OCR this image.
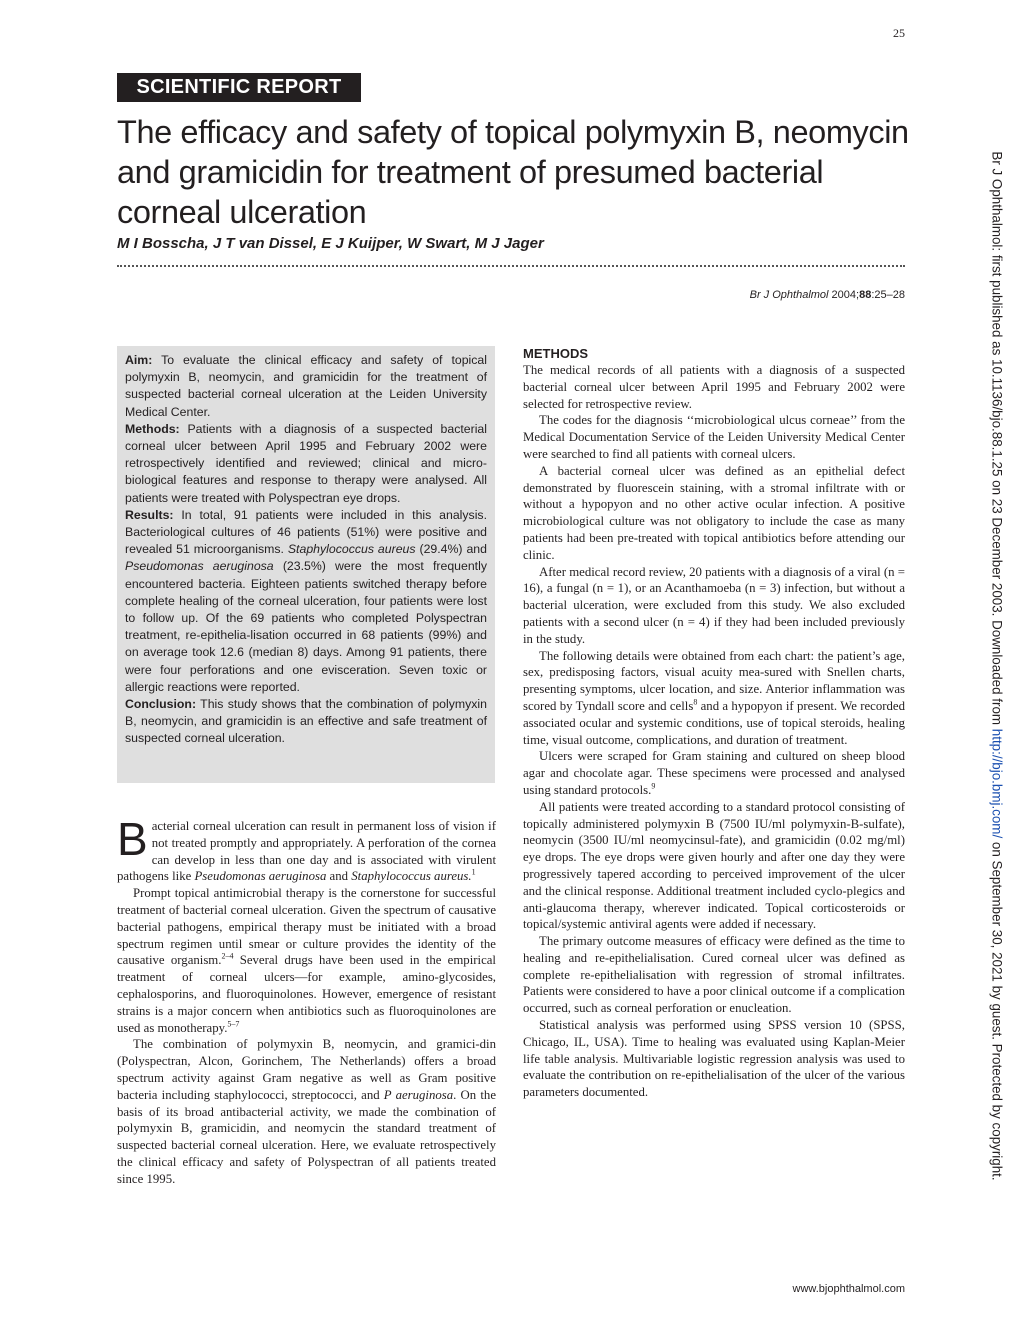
25
SCIENTIFIC REPORT
The efficacy and safety of topical polymyxin B, neomycin and gramicidin for treatment of presumed bacterial corneal ulceration
M I Bosscha, J T van Dissel, E J Kuijper, W Swart, M J Jager
Br J Ophthalmol 2004;88:25–28

Aim: To evaluate the clinical efficacy and safety of topical polymyxin B, neomycin, and gramicidin for the treatment of suspected bacterial corneal ulceration at the Leiden University Medical Center.

Methods: Patients with a diagnosis of a suspected bacterial corneal ulcer between April 1995 and February 2002 were retrospectively identified and reviewed; clinical and micro-biological features and response to therapy were analysed. All patients were treated with Polyspectran eye drops.

Results: In total, 91 patients were included in this analysis. Bacteriological cultures of 46 patients (51%) were positive and revealed 51 microorganisms. Staphylococcus aureus (29.4%) and Pseudomonas aeruginosa (23.5%) were the most frequently encountered bacteria. Eighteen patients switched therapy before complete healing of the corneal ulceration, four patients were lost to follow up. Of the 69 patients who completed Polyspectran treatment, re-epithelia-lisation occurred in 68 patients (99%) and on average took 12.6 (median 8) days. Among 91 patients, there were four perforations and one evisceration. Seven toxic or allergic reactions were reported.

Conclusion: This study shows that the combination of polymyxin B, neomycin, and gramicidin is an effective and safe treatment of suspected corneal ulceration.

Bacterial corneal ulceration can result in permanent loss of vision if not treated promptly and appropriately. A perforation of the cornea can develop in less than one day and is associated with virulent pathogens like Pseudomonas aeruginosa and Staphylococcus aureus.$^1$

Prompt topical antimicrobial therapy is the cornerstone for successful treatment of bacterial corneal ulceration. Given the spectrum of causative bacterial pathogens, empirical therapy must be initiated with a broad spectrum regimen until smear or culture provides the identity of the causative organism.$^{2-4}$ Several drugs have been used in the empirical treatment of corneal ulcers—for example, amino-glycosides, cephalosporins, and fluoroquinolones. However, emergence of resistant strains is a major concern when antibiotics such as fluoroquinolones are used as monotherapy.$^{5-7}$

The combination of polymyxin B, neomycin, and gramici-din (Polyspectran, Alcon, Gorinchem, The Netherlands) offers a broad spectrum activity against Gram negative as well as Gram positive bacteria including staphylococci, streptococci, and P aeruginosa. On the basis of its broad antibacterial activity, we made the combination of polymyxin B, gramicidin, and neomycin the standard treatment of suspected bacterial corneal ulceration. Here, we evaluate retrospectively the clinical efficacy and safety of Polyspectran of all patients treated since 1995.

METHODS

The medical records of all patients with a diagnosis of a suspected bacterial corneal ulcer between April 1995 and February 2002 were selected for retrospective review.

The codes for the diagnosis ‘‘microbiological ulcus corneae’’ from the Medical Documentation Service of the Leiden University Medical Center were searched to find all patients with corneal ulcers.

A bacterial corneal ulcer was defined as an epithelial defect demonstrated by fluorescein staining, with a stromal infiltrate with or without a hypopyon and no other active ocular infection. A positive microbiological culture was not obligatory to include the case as many patients had been pre-treated with topical antibiotics before attending our clinic.

After medical record review, 20 patients with a diagnosis of a viral (n = 16), a fungal (n = 1), or an Acanthamoeba (n = 3) infection, but without a bacterial ulceration, were excluded from this study. We also excluded patients with a second ulcer (n = 4) if they had been included previously in the study.

The following details were obtained from each chart: the patient’s age, sex, predisposing factors, visual acuity mea-sured with Snellen charts, presenting symptoms, ulcer location, and size. Anterior inflammation was scored by Tyndall score and cells$^8$ and a hypopyon if present. We recorded associated ocular and systemic conditions, use of topical steroids, healing time, visual outcome, complications, and duration of treatment.

Ulcers were scraped for Gram staining and cultured on sheep blood agar and chocolate agar. These specimens were processed and analysed using standard protocols.$^9$

All patients were treated according to a standard protocol consisting of topically administered polymyxin B (7500 IU/ml polymyxin-B-sulfate), neomycin (3500 IU/ml neomycinsul-fate), and gramicidin (0.02 mg/ml) eye drops. The eye drops were given hourly and after one day they were progressively tapered according to perceived improvement of the ulcer and the clinical response. Additional treatment included cyclo-plegics and anti-glaucoma therapy, wherever indicated. Topical corticosteroids or topical/systemic antiviral agents were added if necessary.

The primary outcome measures of efficacy were defined as the time to healing and re-epithelialisation. Cured corneal ulcer was defined as complete re-epithelialisation with regression of stromal infiltrates. Patients were considered to have a poor clinical outcome if a complication occurred, such as corneal perforation or enucleation.

Statistical analysis was performed using SPSS version 10 (SPSS, Chicago, IL, USA). Time to healing was evaluated using Kaplan-Meier life table analysis. Multivariable logistic regression analysis was used to evaluate the contribution on re-epithelialisation of the ulcer of the various parameters documented.

Br J Ophthalmol: first published as 10.1136/bjo.88.1.25 on 23 December 2003. Downloaded from http://bjo.bmj.com/ on September 30, 2021 by guest. Protected by copyright.
www.bjophthalmol.com
